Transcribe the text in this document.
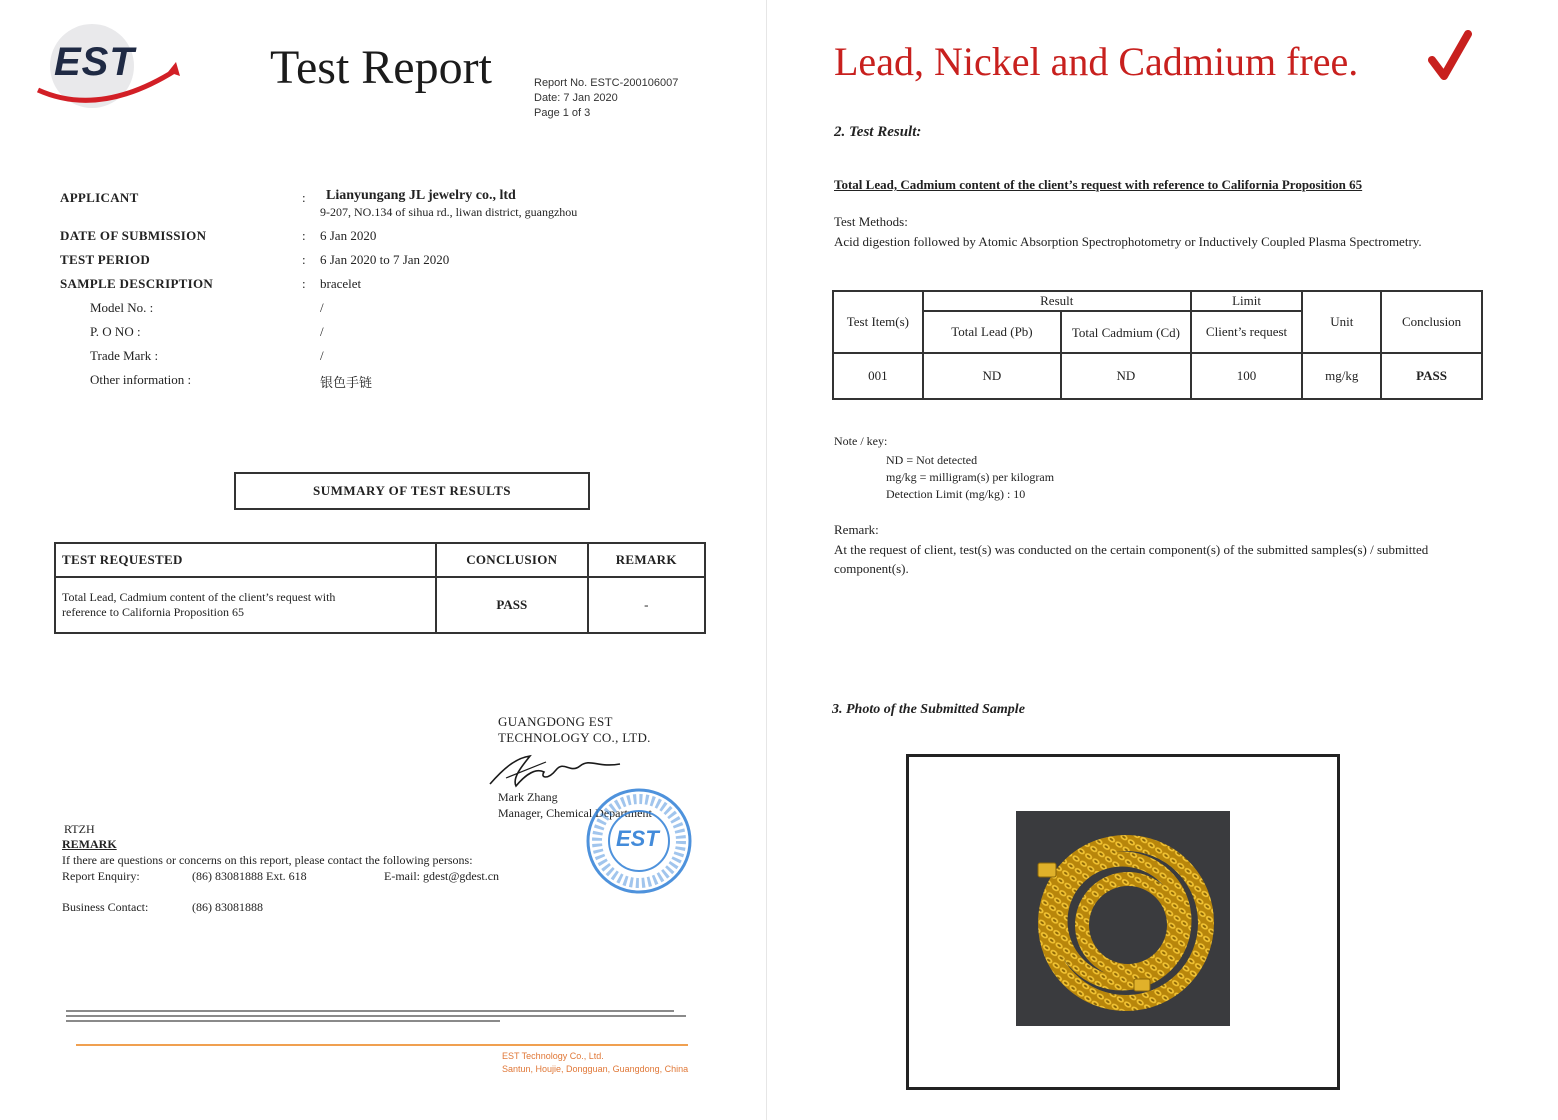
EST	Test Report	Report No. ESTC-200106007
Date: 7 Jan 2020
Page 1 of 3
APPLICANT	: Lianyungang JL jewelry co., ltd
9-207, NO.134 of sihua rd., liwan district, guangzhou
DATE OF SUBMISSION	: 6 Jan 2020
TEST PERIOD	: 6 Jan 2020 to 7 Jan 2020
SAMPLE DESCRIPTION	: bracelet
Model No. :	/
P. O NO :	/
Trade Mark :	/
Other information :	银色手链
SUMMARY OF TEST RESULTS
TEST REQUESTED	CONCLUSION	REMARK

Total Lead, Cadmium content of the client’s request with
reference to California Proposition 65	PASS	-
GUANGDONG EST
TECHNOLOGY CO., LTD.
Mark Zhang
Manager, Chemical Department
EST
RTZH
REMARK
If there are questions or concerns on this report, please contact the following persons:
Report Enquiry:	(86) 83081888 Ext. 618	E-mail: gdest@gdest.cn
Business Contact:	(86) 83081888
EST Technology Co., Ltd.
Santun, Houjie, Dongguan, Guangdong, China
Lead, Nickel and Cadmium free.
2. Test Result:
Total Lead, Cadmium content of the client’s request with reference to California Proposition 65
Test Methods:
Acid digestion followed by Atomic Absorption Spectrophotometry or Inductively Coupled Plasma Spectrometry.
Test Item(s)	Result		Limit	Unit	Conclusion
	Total Lead (Pb)	Total Cadmium (Cd)	Client’s request		
001	ND	ND	100	mg/kg	PASS
Note / key:
ND = Not detected
mg/kg = milligram(s) per kilogram
Detection Limit (mg/kg) : 10
Remark:
At the request of client, test(s) was conducted on the certain component(s) of the submitted samples(s) / submitted component(s).
3. Photo of the Submitted Sample
